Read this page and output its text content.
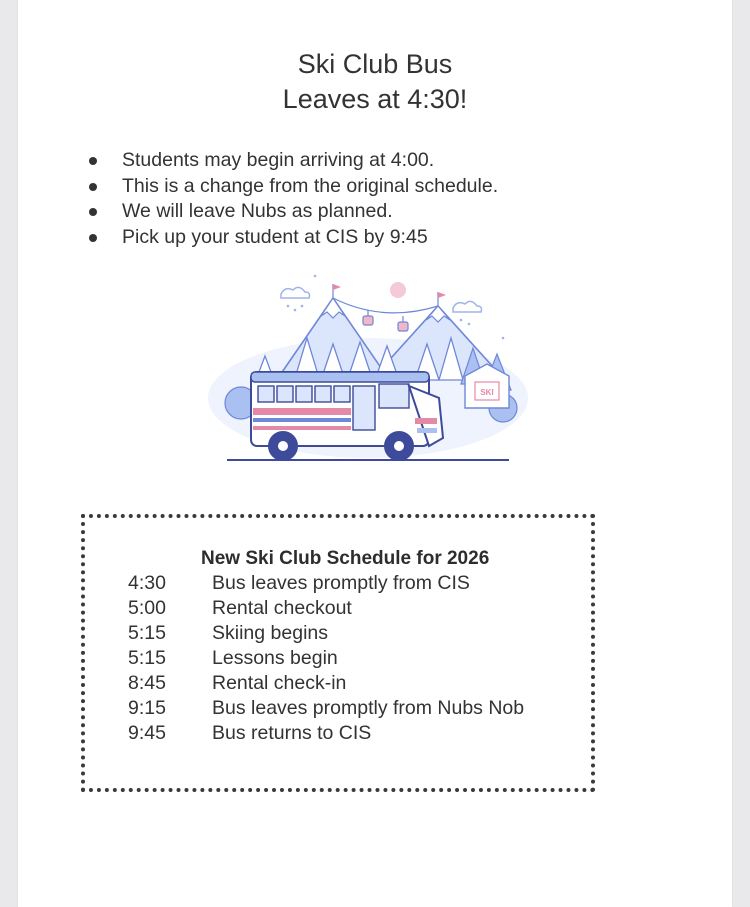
Ski Club Bus
Leaves at 4:30!
Students may begin arriving at 4:00.
This is a change from the original schedule.
We will leave Nubs as planned.
Pick up your student at CIS by 9:45
SKI
New Ski Club Schedule for 2026
4:30 Bus leaves promptly from CIS
5:00 Rental checkout
5:15 Skiing begins
5:15 Lessons begin
8:45 Rental check-in
9:15 Bus leaves promptly from Nubs Nob
9:45 Bus returns to CIS
